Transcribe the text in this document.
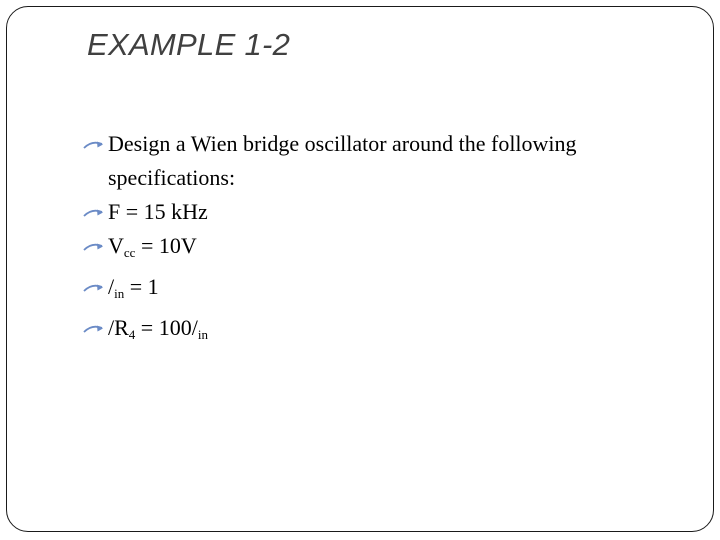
EXAMPLE 1-2
Design a Wien bridge oscillator around the following specifications:
F = 15 kHz
$V_{cc} = 10V$
$/_{in} = 1$
$/R_4 = 100/_{in}$
